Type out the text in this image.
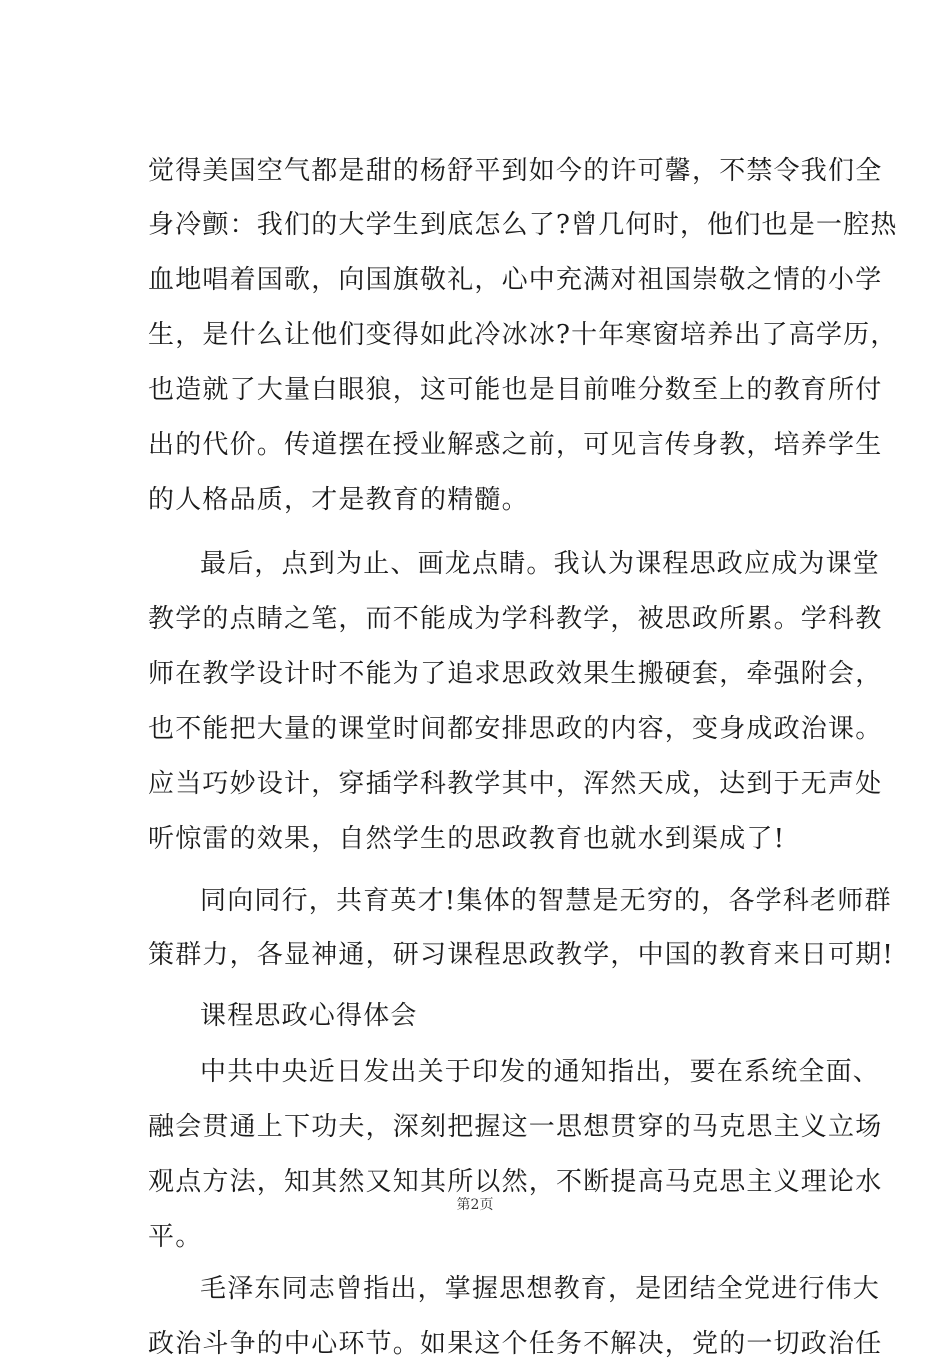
觉得美国空气都是甜的杨舒平到如今的许可馨，不禁令我们全
身冷颤：我们的大学生到底怎么了?曾几何时，他们也是一腔热
血地唱着国歌，向国旗敬礼，心中充满对祖国崇敬之情的小学
生，是什么让他们变得如此冷冰冰?十年寒窗培养出了高学历，
也造就了大量白眼狼，这可能也是目前唯分数至上的教育所付
出的代价。传道摆在授业解惑之前，可见言传身教，培养学生
的人格品质，才是教育的精髓。
最后，点到为止、画龙点睛。我认为课程思政应成为课堂
教学的点睛之笔，而不能成为学科教学，被思政所累。学科教
师在教学设计时不能为了追求思政效果生搬硬套，牵强附会，
也不能把大量的课堂时间都安排思政的内容，变身成政治课。
应当巧妙设计，穿插学科教学其中，浑然天成，达到于无声处
听惊雷的效果，自然学生的思政教育也就水到渠成了!
同向同行，共育英才!集体的智慧是无穷的，各学科老师群
策群力，各显神通，研习课程思政教学，中国的教育来日可期!
课程思政心得体会
中共中央近日发出关于印发的通知指出，要在系统全面、
融会贯通上下功夫，深刻把握这一思想贯穿的马克思主义立场
观点方法，知其然又知其所以然，不断提高马克思主义理论水
平。
毛泽东同志曾指出，掌握思想教育，是团结全党进行伟大
政治斗争的中心环节。如果这个任务不解决，党的一切政治任
第2页
